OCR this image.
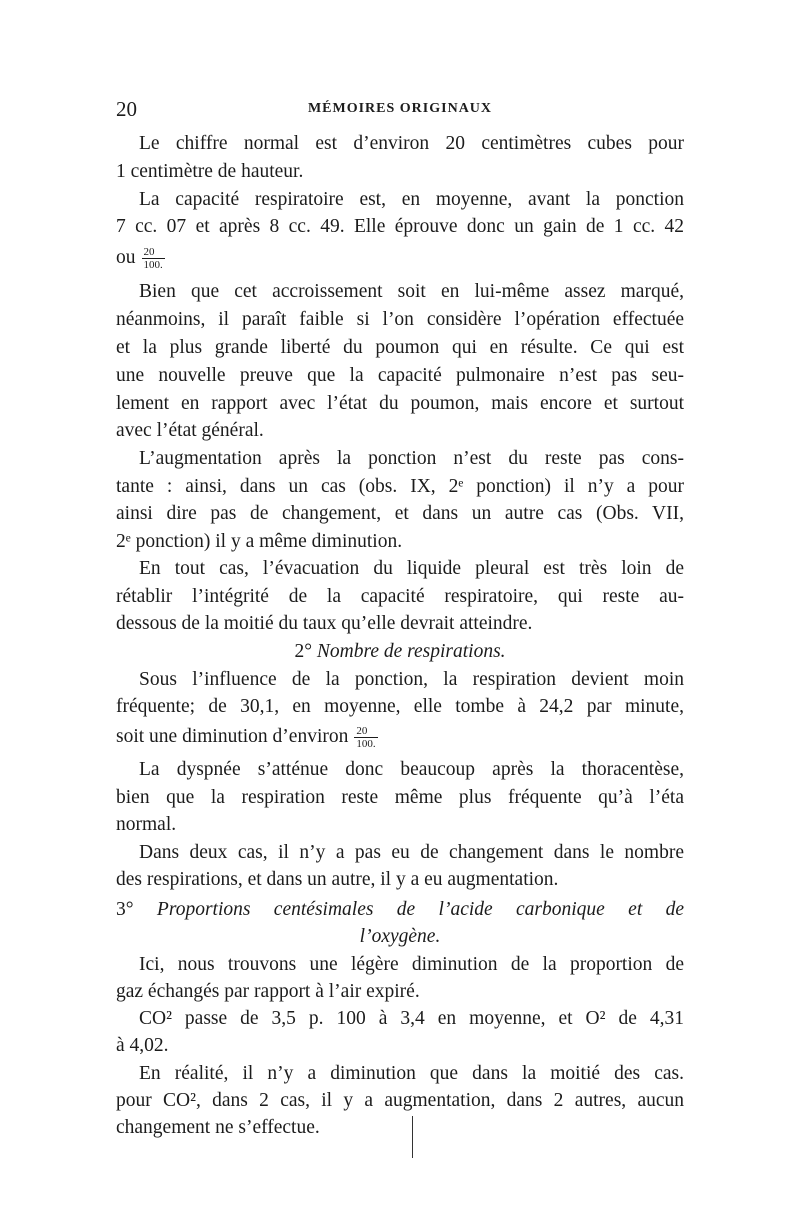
20	MÉMOIRES ORIGINAUX
Le chiffre normal est d’environ 20 centimètres cubes pour
1 centimètre de hauteur.
La capacité respiratoire est, en moyenne, avant la ponction
7 cc. 07 et après 8 cc. 49. Elle éprouve donc un gain de 1 cc. 42
ou $\frac{20}{100.}$
Bien que cet accroissement soit en lui-même assez marqué,
néanmoins, il paraît faible si l’on considère l’opération effectuée
et la plus grande liberté du poumon qui en résulte. Ce qui est
une nouvelle preuve que la capacité pulmonaire n’est pas seu-
lement en rapport avec l’état du poumon, mais encore et surtout
avec l’état général.
L’augmentation après la ponction n’est du reste pas cons-
tante : ainsi, dans un cas (obs. IX, 2ᵉ ponction) il n’y a pour
ainsi dire pas de changement, et dans un autre cas (Obs. VII,
2ᵉ ponction) il y a même diminution.
En tout cas, l’évacuation du liquide pleural est très loin de
rétablir l’intégrité de la capacité respiratoire, qui reste au-
dessous de la moitié du taux qu’elle devrait atteindre.
2° Nombre de respirations.
Sous l’influence de la ponction, la respiration devient moin
fréquente; de 30,1, en moyenne, elle tombe à 24,2 par minute,
soit une diminution d’environ $\frac{20}{100.}$
La dyspnée s’atténue donc beaucoup après la thoracentèse,
bien que la respiration reste même plus fréquente qu’à l’éta
normal.
Dans deux cas, il n’y a pas eu de changement dans le nombre
des respirations, et dans un autre, il y a eu augmentation.
3° Proportions centésimales de l’acide carbonique et de
l’oxygène.
Ici, nous trouvons une légère diminution de la proportion de
gaz échangés par rapport à l’air expiré.
CO² passe de 3,5 p. 100 à 3,4 en moyenne, et O² de 4,31
à 4,02.
En réalité, il n’y a diminution que dans la moitié des cas.
pour CO², dans 2 cas, il y a augmentation, dans 2 autres, aucun
changement ne s’effectue.
